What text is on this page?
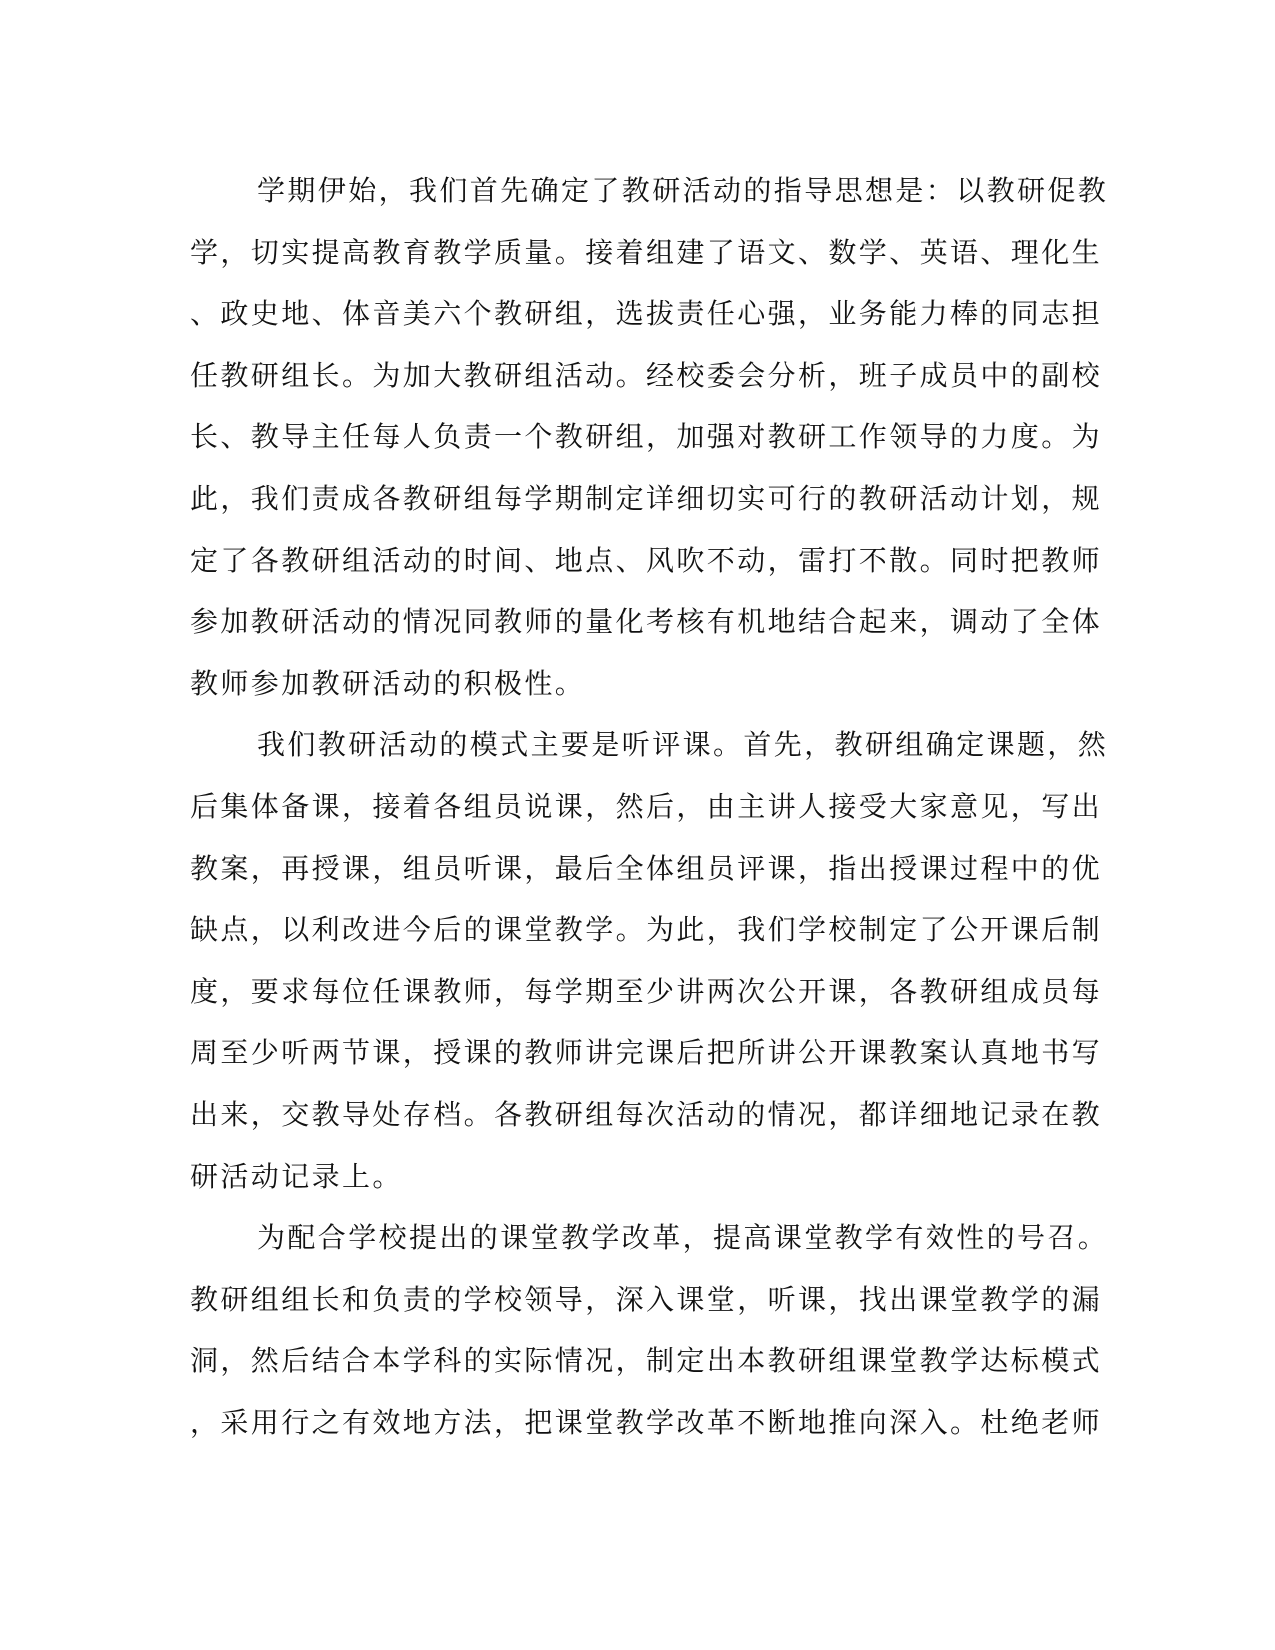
学期伊始，我们首先确定了教研活动的指导思想是：以教研促教
学，切实提高教育教学质量。接着组建了语文、数学、英语、理化生
、政史地、体音美六个教研组，选拔责任心强，业务能力棒的同志担
任教研组长。为加大教研组活动。经校委会分析，班子成员中的副校
长、教导主任每人负责一个教研组，加强对教研工作领导的力度。为
此，我们责成各教研组每学期制定详细切实可行的教研活动计划，规
定了各教研组活动的时间、地点、风吹不动，雷打不散。同时把教师
参加教研活动的情况同教师的量化考核有机地结合起来，调动了全体
教师参加教研活动的积极性。
我们教研活动的模式主要是听评课。首先，教研组确定课题，然
后集体备课，接着各组员说课，然后，由主讲人接受大家意见，写出
教案，再授课，组员听课，最后全体组员评课，指出授课过程中的优
缺点，以利改进今后的课堂教学。为此，我们学校制定了公开课后制
度，要求每位任课教师，每学期至少讲两次公开课，各教研组成员每
周至少听两节课，授课的教师讲完课后把所讲公开课教案认真地书写
出来，交教导处存档。各教研组每次活动的情况，都详细地记录在教
研活动记录上。
为配合学校提出的课堂教学改革，提高课堂教学有效性的号召。
教研组组长和负责的学校领导，深入课堂，听课，找出课堂教学的漏
洞，然后结合本学科的实际情况，制定出本教研组课堂教学达标模式
，采用行之有效地方法，把课堂教学改革不断地推向深入。杜绝老师
